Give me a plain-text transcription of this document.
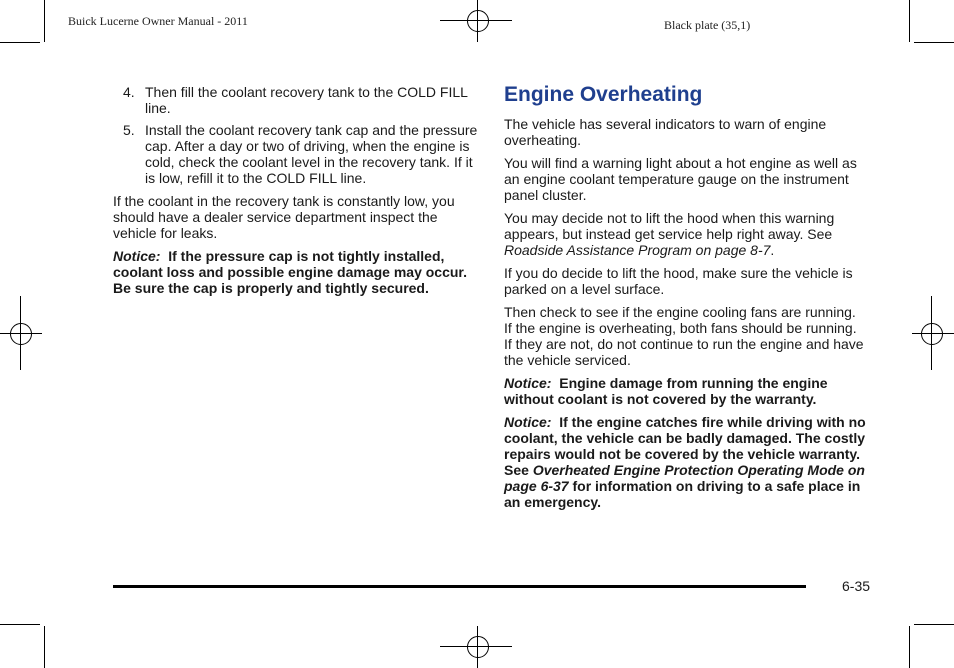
Buick Lucerne Owner Manual - 2011	Black plate (35,1)
4. Then fill the coolant recovery tank to the COLD FILL line.
5. Install the coolant recovery tank cap and the pressure cap. After a day or two of driving, when the engine is cold, check the coolant level in the recovery tank. If it is low, refill it to the COLD FILL line.

If the coolant in the recovery tank is constantly low, you should have a dealer service department inspect the vehicle for leaks.

Notice: If the pressure cap is not tightly installed, coolant loss and possible engine damage may occur. Be sure the cap is properly and tightly secured.

Engine Overheating

The vehicle has several indicators to warn of engine overheating.

You will find a warning light about a hot engine as well as an engine coolant temperature gauge on the instrument panel cluster.

You may decide not to lift the hood when this warning appears, but instead get service help right away. See Roadside Assistance Program on page 8-7.

If you do decide to lift the hood, make sure the vehicle is parked on a level surface.

Then check to see if the engine cooling fans are running. If the engine is overheating, both fans should be running. If they are not, do not continue to run the engine and have the vehicle serviced.

Notice: Engine damage from running the engine without coolant is not covered by the warranty.

Notice: If the engine catches fire while driving with no coolant, the vehicle can be badly damaged. The costly repairs would not be covered by the vehicle warranty. See Overheated Engine Protection Operating Mode on page 6-37 for information on driving to a safe place in an emergency.

6-35
